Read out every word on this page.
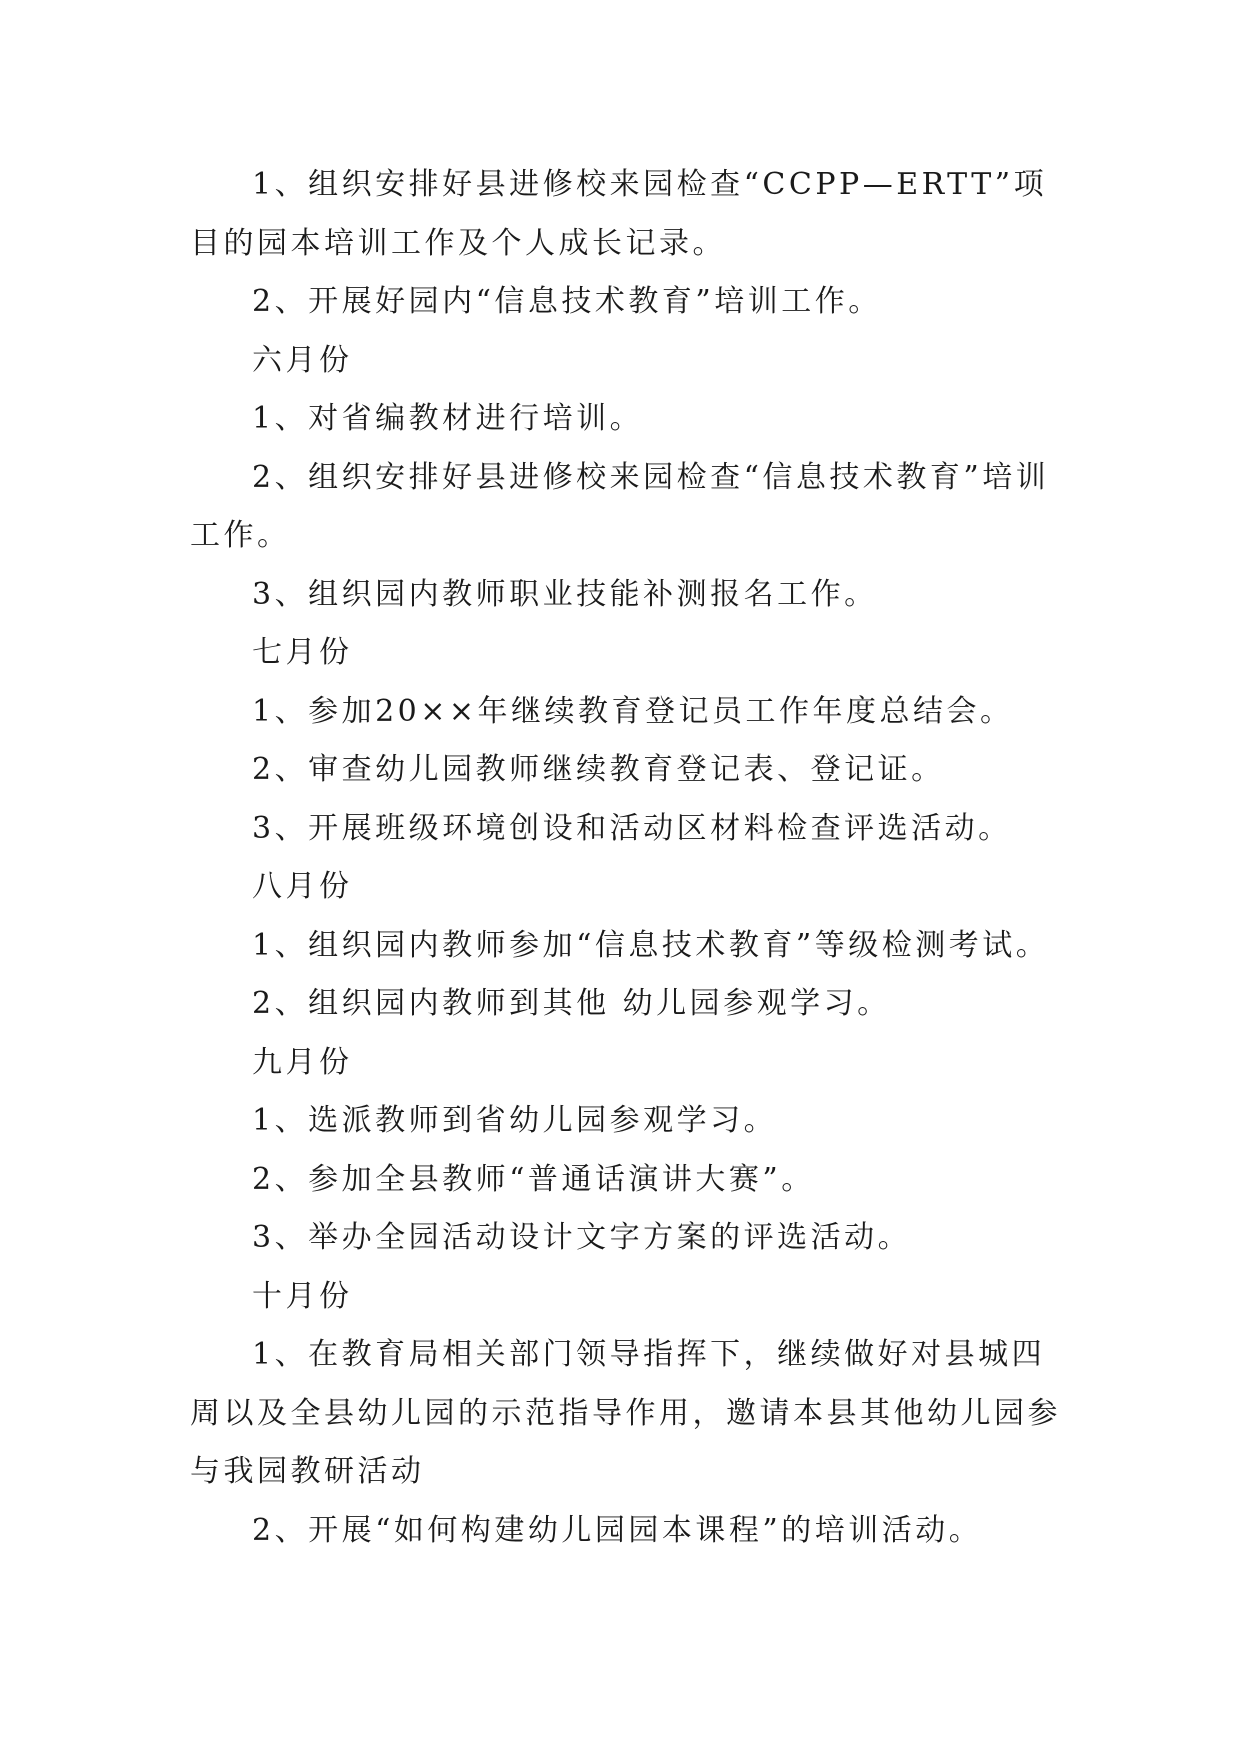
1、组织安排好县进修校来园检查“CCPP—ERTT”项目的园本培训工作及个人成长记录。

2、开展好园内“信息技术教育”培训工作。

六月份

1、对省编教材进行培训。

2、组织安排好县进修校来园检查“信息技术教育”培训工作。

3、组织园内教师职业技能补测报名工作。

七月份

1、参加20××年继续教育登记员工作年度总结会。

2、审查幼儿园教师继续教育登记表、登记证。

3、开展班级环境创设和活动区材料检查评选活动。

八月份

1、组织园内教师参加“信息技术教育”等级检测考试。

2、组织园内教师到其他 幼儿园参观学习。

九月份

1、选派教师到省幼儿园参观学习。

2、参加全县教师“普通话演讲大赛”。

3、举办全园活动设计文字方案的评选活动。

十月份

1、在教育局相关部门领导指挥下，继续做好对县城四周以及全县幼儿园的示范指导作用，邀请本县其他幼儿园参与我园教研活动

2、开展“如何构建幼儿园园本课程”的培训活动。
